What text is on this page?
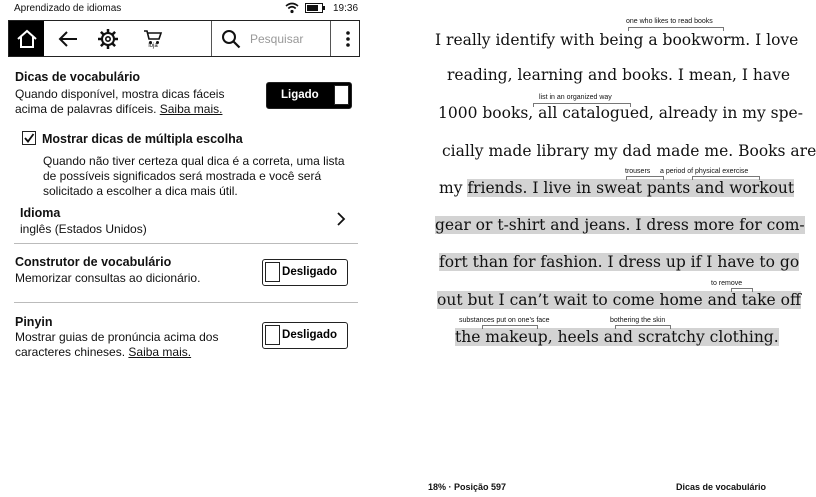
Aprendizado de idiomas	19:36
loja	Pesquisar
Dicas de vocabulário
Quando disponível, mostra dicas fáceis
acima de palavras difíceis. Saiba mais.
Ligado
Mostrar dicas de múltipla escolha
Quando não tiver certeza qual dica é a correta, uma lista
de possíveis significados será mostrada e você será
solicitado a escolher a dica mais útil.
Idioma
inglês (Estados Unidos)
Construtor de vocabulário
Memorizar consultas ao dicionário.	Desligado
Pinyin
Mostrar guias de pronúncia acima dos
caracteres chineses. Saiba mais.
Desligado
I really identify with being a bookworm. I love
reading, learning and books. I mean, I have
1000 books, all catalogued, already in my spe-
cially made library my dad made me. Books are
my friends. I live in sweat pants and workout
gear or t-shirt and jeans. I dress more for com-
fort than for fashion. I dress up if I have to go
out but I can’t wait to come home and take off
the makeup, heels and scratchy clothing.
one who likes to read books
list in an organized way
trousers a period of physical exercise
to remove
substances put on one’s face	bothering the skin
18% · Posição 597	Dicas de vocabulário
